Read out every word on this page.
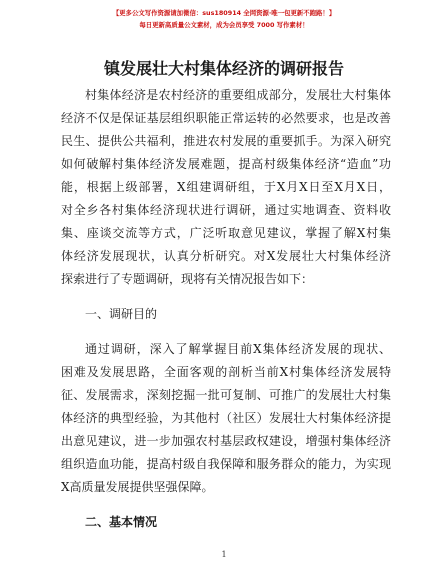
【更多公文写作资源请加微信：sus180914 全网资源·唯一包更新不跑路！】
每日更新高质量公文素材，成为会员享受 7000 写作素材！
镇发展壮大村集体经济的调研报告
村集体经济是农村经济的重要组成部分，发展壮大村集体
经济不仅是保证基层组织职能正常运转的必然要求，也是改善
民生、提供公共福利，推进农村发展的重要抓手。为深入研究
如何破解村集体经济发展难题，提高村级集体经济“造血”功
能，根据上级部署，X组建调研组，于X月X日至X月X日，
对全乡各村集体经济现状进行调研，通过实地调查、资料收
集、座谈交流等方式，广泛听取意见建议，掌握了解X村集
体经济发展现状，认真分析研究。对X发展壮大村集体经济
探索进行了专题调研，现将有关情况报告如下：
一、调研目的
通过调研，深入了解掌握目前X集体经济发展的现状、
困难及发展思路，全面客观的剖析当前X村集体经济发展特
征、发展需求，深刻挖掘一批可复制、可推广的发展壮大村集
体经济的典型经验，为其他村（社区）发展壮大村集体经济提
出意见建议，进一步加强农村基层政权建设，增强村集体经济
组织造血功能，提高村级自我保障和服务群众的能力，为实现
X高质量发展提供坚强保障。
二、基本情况
1
